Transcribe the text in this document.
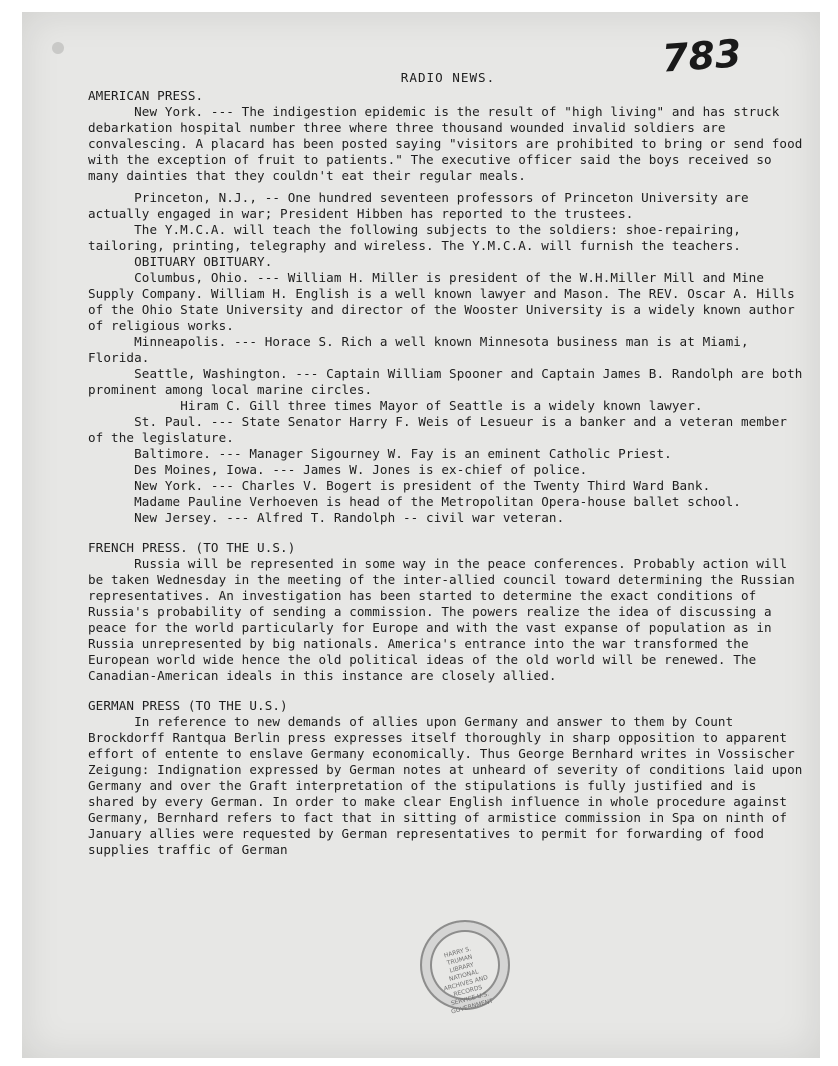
783
RADIO NEWS.
AMERICAN PRESS.
New York. --- The indigestion epidemic is the result of "high living" and has struck debarkation hospital number three where three thousand wounded invalid soldiers are convalescing. A placard has been posted saying "visitors are prohibited to bring or send food with the exception of fruit to patients." The executive officer said the boys received so many dainties that they couldn't eat their regular meals.
Princeton, N.J., -- One hundred seventeen professors of Princeton University are actually engaged in war; President Hibben has reported to the trustees.
The Y.M.C.A. will teach the following subjects to the soldiers: shoe-repairing, tailoring, printing, telegraphy and wireless. The Y.M.C.A. will furnish the teachers.
OBITUARY OBITUARY.
Columbus, Ohio. --- William H. Miller is president of the W.H.Miller Mill and Mine Supply Company. William H. English is a well known lawyer and Mason. The REV. Oscar A. Hills of the Ohio State University and director of the Wooster University is a widely known author of religious works.
Minneapolis. --- Horace S. Rich a well known Minnesota business man is at Miami, Florida.
Seattle, Washington. --- Captain William Spooner and Captain James B. Randolph are both prominent among local marine circles.
Hiram C. Gill three times Mayor of Seattle is a widely known lawyer.
St. Paul. --- State Senator Harry F. Weis of Lesueur is a banker and a veteran member of the legislature.
Baltimore. --- Manager Sigourney W. Fay is an eminent Catholic Priest.
Des Moines, Iowa. --- James W. Jones is ex-chief of police.
New York. --- Charles V. Bogert is president of the Twenty Third Ward Bank.
Madame Pauline Verhoeven is head of the Metropolitan Opera-house ballet school.
New Jersey. --- Alfred T. Randolph -- civil war veteran.
FRENCH PRESS. (TO THE U.S.)
Russia will be represented in some way in the peace conferences. Probably action will be taken Wednesday in the meeting of the inter-allied council toward determining the Russian representatives. An investigation has been started to determine the exact conditions of Russia's probability of sending a commission. The powers realize the idea of discussing a peace for the world particularly for Europe and with the vast expanse of population as in Russia unrepresented by big nationals. America's entrance into the war transformed the European world wide hence the old political ideas of the old world will be renewed. The Canadian-American ideals in this instance are closely allied.
GERMAN PRESS (TO THE U.S.)
In reference to new demands of allies upon Germany and answer to them by Count Brockdorff Rantqua Berlin press expresses itself thoroughly in sharp opposition to apparent effort of entente to enslave Germany economically. Thus George Bernhard writes in Vossischer Zeigung: Indignation expressed by German notes at unheard of severity of conditions laid upon Germany and over the Graft interpretation of the stipulations is fully justified and is shared by every German. In order to make clear English influence in whole procedure against Germany, Bernhard refers to fact that in sitting of armistice commission in Spa on ninth of January allies were requested by German representatives to permit for forwarding of food supplies traffic of German
HARRY S. TRUMAN LIBRARY NATIONAL ARCHIVES AND RECORDS SERVICE U.S. GOVERNMENT
